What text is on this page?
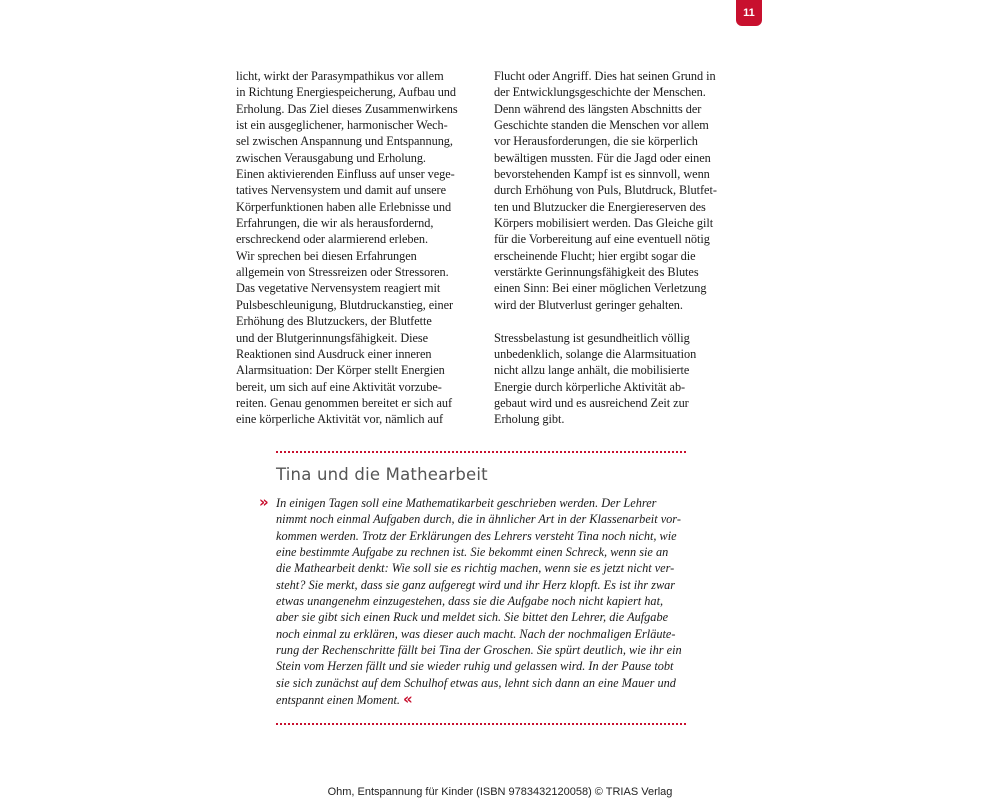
11
licht, wirkt der Parasympathikus vor allem
in Richtung Energiespeicherung, Aufbau und
Erholung. Das Ziel dieses Zusammenwirkens
ist ein ausgeglichener, harmonischer Wech-
sel zwischen Anspannung und Entspannung,
zwischen Verausgabung und Erholung.
Einen aktivierenden Einfluss auf unser vege-
tatives Nervensystem und damit auf unsere
Körperfunktionen haben alle Erlebnisse und
Erfahrungen, die wir als herausfordernd,
erschreckend oder alarmierend erleben.
Wir sprechen bei diesen Erfahrungen
allgemein von Stressreizen oder Stressoren.
Das vegetative Nervensystem reagiert mit
Pulsbeschleunigung, Blutdruckanstieg, einer
Erhöhung des Blutzuckers, der Blutfette
und der Blutgerinnungsfähigkeit. Diese
Reaktionen sind Ausdruck einer inneren
Alarmsituation: Der Körper stellt Energien
bereit, um sich auf eine Aktivität vorzube-
reiten. Genau genommen bereitet er sich auf
eine körperliche Aktivität vor, nämlich auf
Flucht oder Angriff. Dies hat seinen Grund in
der Entwicklungsgeschichte der Menschen.
Denn während des längsten Abschnitts der
Geschichte standen die Menschen vor allem
vor Herausforderungen, die sie körperlich
bewältigen mussten. Für die Jagd oder einen
bevorstehenden Kampf ist es sinnvoll, wenn
durch Erhöhung von Puls, Blutdruck, Blutfet-
ten und Blutzucker die Energiereserven des
Körpers mobilisiert werden. Das Gleiche gilt
für die Vorbereitung auf eine eventuell nötig
erscheinende Flucht; hier ergibt sogar die
verstärkte Gerinnungsfähigkeit des Blutes
einen Sinn: Bei einer möglichen Verletzung
wird der Blutverlust geringer gehalten.
Stressbelastung ist gesundheitlich völlig
unbedenklich, solange die Alarmsituation
nicht allzu lange anhält, die mobilisierte
Energie durch körperliche Aktivität ab-
gebaut wird und es ausreichend Zeit zur
Erholung gibt.
Tina und die Mathearbeit
» In einigen Tagen soll eine Mathematikarbeit geschrieben werden. Der Lehrer
nimmt noch einmal Aufgaben durch, die in ähnlicher Art in der Klassenarbeit vor-
kommen werden. Trotz der Erklärungen des Lehrers versteht Tina noch nicht, wie
eine bestimmte Aufgabe zu rechnen ist. Sie bekommt einen Schreck, wenn sie an
die Mathearbeit denkt: Wie soll sie es richtig machen, wenn sie es jetzt nicht ver-
steht? Sie merkt, dass sie ganz aufgeregt wird und ihr Herz klopft. Es ist ihr zwar
etwas unangenehm einzugestehen, dass sie die Aufgabe noch nicht kapiert hat,
aber sie gibt sich einen Ruck und meldet sich. Sie bittet den Lehrer, die Aufgabe
noch einmal zu erklären, was dieser auch macht. Nach der nochmaligen Erläute-
rung der Rechenschritte fällt bei Tina der Groschen. Sie spürt deutlich, wie ihr ein
Stein vom Herzen fällt und sie wieder ruhig und gelassen wird. In der Pause tobt
sie sich zunächst auf dem Schulhof etwas aus, lehnt sich dann an eine Mauer und
entspannt einen Moment. «
Ohm, Entspannung für Kinder (ISBN 9783432120058) © TRIAS Verlag
